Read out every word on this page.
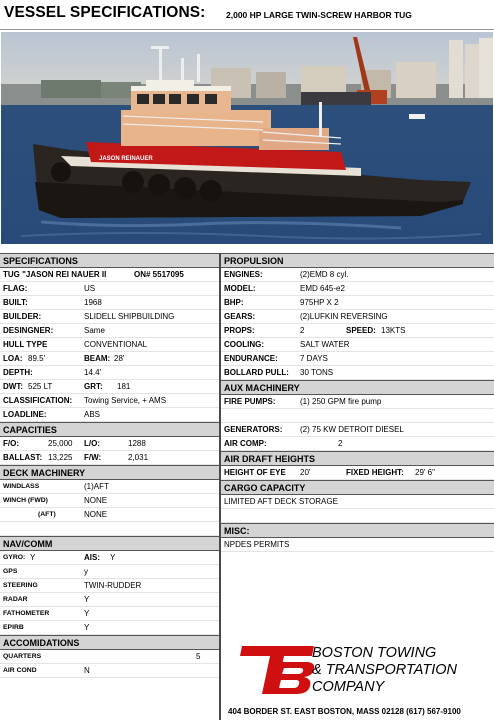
VESSEL SPECIFICATIONS: 2,000 HP LARGE TWIN-SCREW HARBOR TUG
JASON REINAUER
SPECIFICATIONS
TUG "JASON REI NAUER II	ON# 5517095
FLAG:	US
BUILT:	1968
BUILDER:	SLIDELL SHIPBUILDING
DESINGNER:	Same
HULL TYPE	CONVENTIONAL
LOA: 89.5'	BEAM: 28'
DEPTH:	14.4'
DWT: 525 LT	GRT: 181
CLASSIFICATION: Towing Service, + AMS
LOADLINE:	ABS
CAPACITIES
F/O:	25,000 L/O:	1288
BALLAST: 13,225 F/W:	2,031
DECK MACHINERY
WINDLASS	(1)AFT
WINCH (FWD)	NONE
(AFT)	NONE
NAV/COMM
GYRO: Y	AIS: Y
GPS	y
STEERING	TWIN-RUDDER
RADAR	Y
FATHOMETER	Y
EPIRB	Y
ACCOMIDATIONS
QUARTERS	5
AIR COND	N
PROPULSION
ENGINES:	(2)EMD 8 cyl.
MODEL:	EMD 645-e2
BHP:	975HP X 2
GEARS:	(2)LUFKIN REVERSING
PROPS:	2	SPEED: 13KTS
COOLING:	SALT WATER
ENDURANCE:	7 DAYS
BOLLARD PULL: 30 TONS
AUX MACHINERY
FIRE PUMPS:	(1) 250 GPM fire pump
GENERATORS: (2) 75 KW DETROIT DIESEL
AIR COMP:	2
AIR DRAFT HEIGHTS
HEIGHT OF EYE 20'	FIXED HEIGHT: 29' 6"
CARGO CAPACITY
LIMITED AFT DECK STORAGE
MISC:
NPDES PERMITS
BOSTON TOWING
& TRANSPORTATION
COMPANY
404 BORDER ST. EAST BOSTON, MASS 02128 (617) 567-9100
